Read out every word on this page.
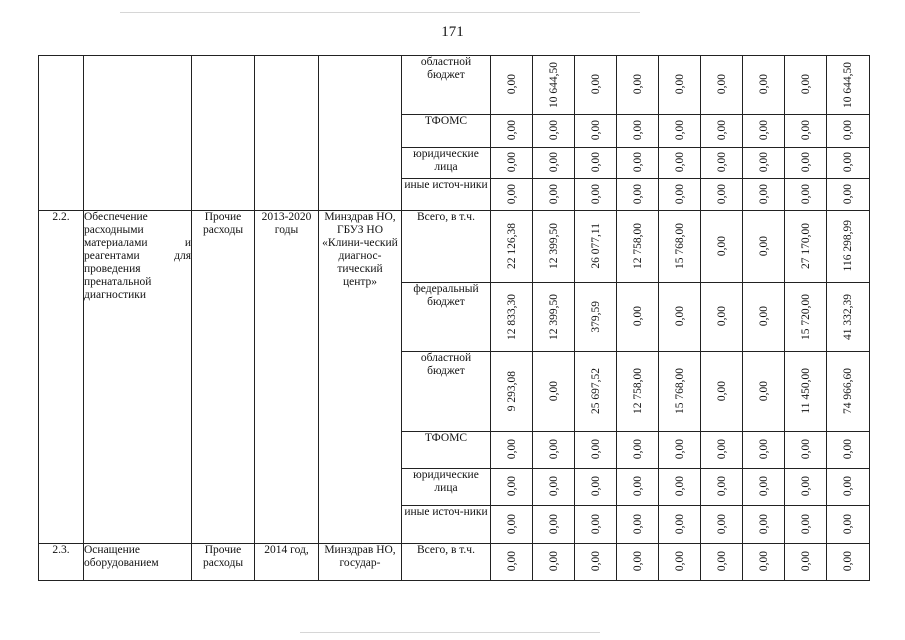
171
					областной бюджет	0,00	10 644,50	0,00	0,00	0,00	0,00	0,00	0,00	10 644,50

					ТФОМС	0,00	0,00	0,00	0,00	0,00	0,00	0,00	0,00	0,00

					юридические лица	0,00	0,00	0,00	0,00	0,00	0,00	0,00	0,00	0,00

					иные источ-ники	0,00	0,00	0,00	0,00	0,00	0,00	0,00	0,00	0,00

2.2.	Обеспечение расходными материалами и реагентами для проведения пренатальной диагностики	Прочие расходы	2013-2020 годы	Минздрав НО, ГБУЗ НО «Клини-ческий диагнос-тический центр»	Всего, в т.ч.	22 126,38	12 399,50	26 077,11	12 758,00	15 768,00	0,00	0,00	27 170,00	116 298,99

					федеральный бюджет	12 833,30	12 399,50	379,59	0,00	0,00	0,00	0,00	15 720,00	41 332,39

					областной бюджет	9 293,08	0,00	25 697,52	12 758,00	15 768,00	0,00	0,00	11 450,00	74 966,60

					ТФОМС	0,00	0,00	0,00	0,00	0,00	0,00	0,00	0,00	0,00

					юридические лица	0,00	0,00	0,00	0,00	0,00	0,00	0,00	0,00	0,00

					иные источ-ники	0,00	0,00	0,00	0,00	0,00	0,00	0,00	0,00	0,00

2.3.	Оснащение оборудованием	Прочие расходы	2014 год,	Минздрав НО, государ-	Всего, в т.ч.	0,00	0,00	0,00	0,00	0,00	0,00	0,00	0,00	0,00
